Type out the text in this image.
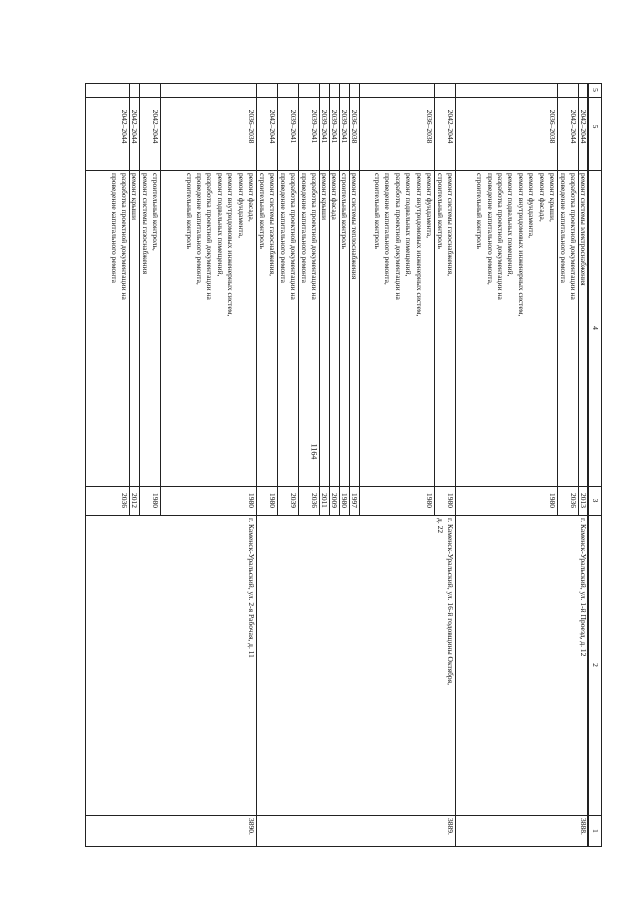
1164
5
5
4
3
2
1
2042–2044
ремонт системы электроснабжения
2013
2042–2044
разработка проектной документации на
проведение капитального ремонта
2036
2036–2038
ремонт крыши,
ремонт фасада,
ремонт фундамента,
ремонт внутридомовых инженерных систем,
ремонт подвальных помещений,
разработка проектной документации на
проведение капитального ремонта,
строительный контроль
1980
г. Каменск-Уральский, ул. 1-й Проезд, д. 12
3888.
2042–2044
ремонт системы газоснабжения,
строительный контроль
1980
2036–2038
ремонт фундамента,
ремонт внутридомовых инженерных систем,
ремонт подвальных помещений,
разработка проектной документации на
проведение капитального ремонта,
строительный контроль
1980
2036–2038
ремонт системы теплоснабжения
1997
2039–2041
строительный контроль
1980
2039–2041
ремонт фасада
2009
2039–2041
ремонт крыши
2011
2039–2041
разработка проектной документации на
проведение капитального ремонта
2036
2039–2041
разработка проектной документации на
проведение капитального ремонта
2039
2042–2044
ремонт системы газоснабжения,
строительный контроль
1980
г. Каменск-Уральский, ул. 16-й годовщины Октября,
д. 22
3889.
2036–2038
ремонт фасада,
ремонт фундамента,
ремонт внутридомовых инженерных систем,
ремонт подвальных помещений,
разработка проектной документации на
проведение капитального ремонта,
строительный контроль
1980
2042–2044
строительный контроль,
ремонт системы газоснабжения
1980
2042–2044
ремонт крыши
2012
2042–2044
разработка проектной документации на
проведение капитального ремонта
2036
г. Каменск-Уральский, ул. 2-я Рабочая, д. 11
3890.
